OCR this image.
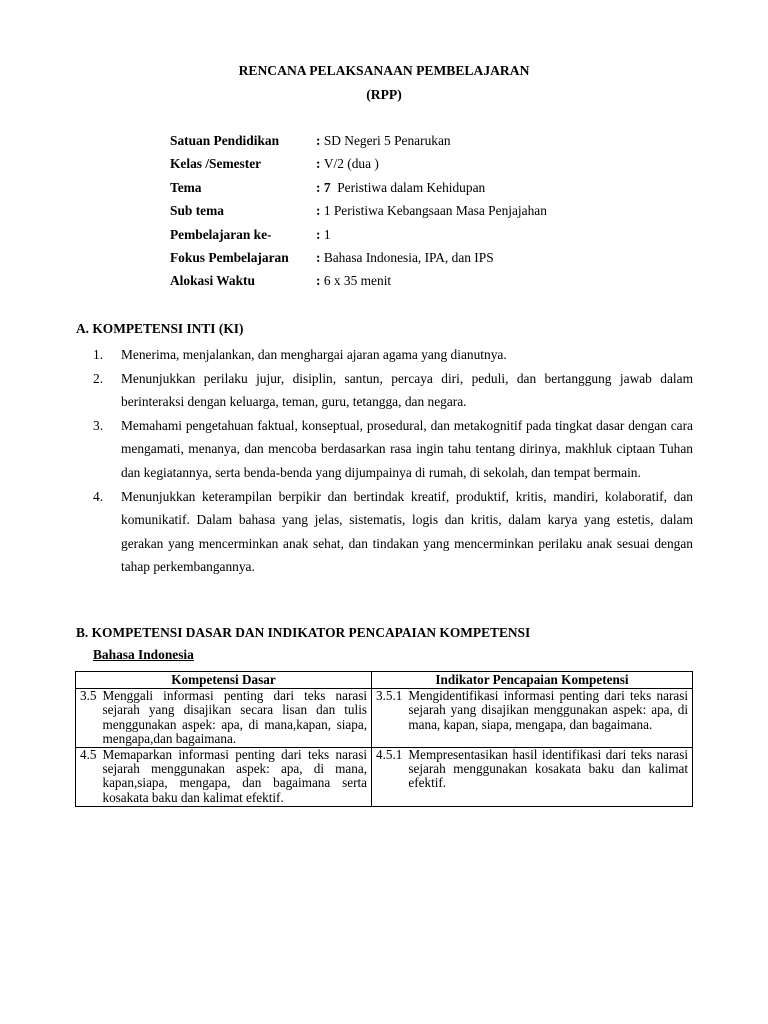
RENCANA PELAKSANAAN PEMBELAJARAN
(RPP)
Satuan Pendidikan	: SD Negeri 5 Penarukan
Kelas /Semester	: V/2 (dua )
Tema	: 7  Peristiwa dalam Kehidupan
Sub tema	: 1 Peristiwa Kebangsaan Masa Penjajahan
Pembelajaran ke-	: 1
Fokus Pembelajaran	: Bahasa Indonesia, IPA, dan IPS
Alokasi Waktu	: 6 x 35 menit
A. KOMPETENSI INTI (KI)
1. Menerima, menjalankan, dan menghargai ajaran agama yang dianutnya.
2. Menunjukkan perilaku jujur, disiplin, santun, percaya diri, peduli, dan bertanggung jawab dalam berinteraksi dengan keluarga, teman, guru, tetangga, dan negara.
3. Memahami pengetahuan faktual, konseptual, prosedural, dan metakognitif pada tingkat dasar dengan cara mengamati, menanya, dan mencoba berdasarkan rasa ingin tahu tentang dirinya, makhluk ciptaan Tuhan dan kegiatannya, serta benda-benda yang dijumpainya di rumah, di sekolah, dan tempat bermain.
4. Menunjukkan keterampilan berpikir dan bertindak kreatif, produktif, kritis, mandiri, kolaboratif, dan komunikatif. Dalam bahasa yang jelas, sistematis, logis dan kritis, dalam karya yang estetis, dalam gerakan yang mencerminkan anak sehat, dan tindakan yang mencerminkan perilaku anak sesuai dengan tahap perkembangannya.
B. KOMPETENSI DASAR DAN INDIKATOR PENCAPAIAN KOMPETENSI
Bahasa Indonesia
Kompetensi Dasar	Indikator Pencapaian Kompetensi

3.5 Menggali informasi penting dari teks narasi sejarah yang disajikan secara lisan dan tulis menggunakan aspek: apa, di mana,kapan, siapa, mengapa,dan bagaimana.	3.5.1 Mengidentifikasi informasi penting dari teks narasi sejarah yang disajikan menggunakan aspek: apa, di mana, kapan, siapa, mengapa, dan bagaimana.

4.5 Memaparkan informasi penting dari teks narasi sejarah menggunakan aspek: apa, di mana, kapan,siapa, mengapa, dan bagaimana serta kosakata baku dan kalimat efektif.	4.5.1 Mempresentasikan hasil identifikasi dari teks narasi sejarah menggunakan kosakata baku dan kalimat efektif.
